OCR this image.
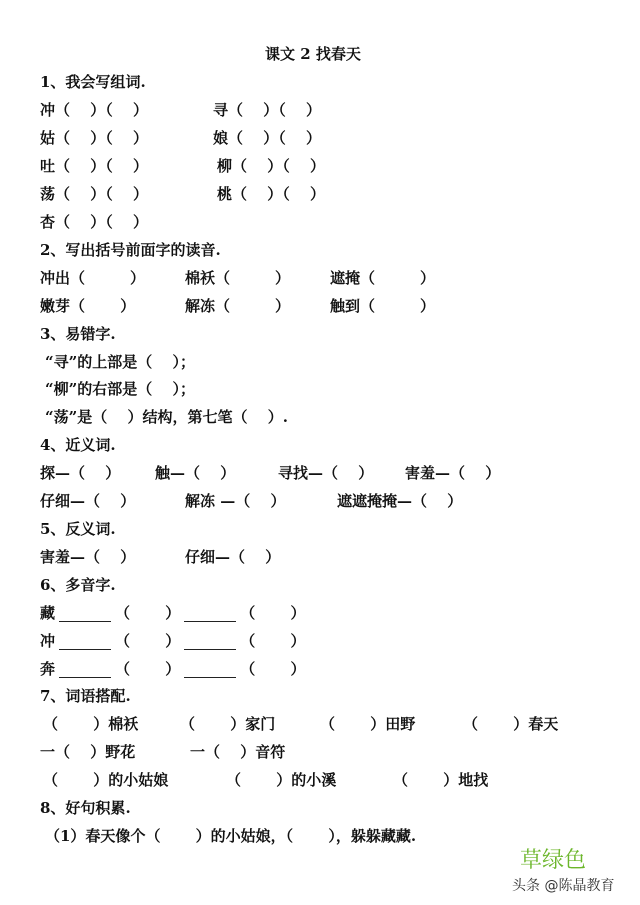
课文 2 找春天
1、我会写组词.
冲（　 ）（　 ）	寻（　 ）（　 ）
姑（　 ）（　 ）	娘（　 ）（　 ）
吐（　 ）（　 ）	柳（　 ）（　 ）
荡（　 ）（　 ）	桃（　 ）（　 ）
杏（　 ）（　 ）
2、写出括号前面字的读音.
冲出（　　　）	棉袄（　　　）	遮掩（　　　）
嫩芽（　　 ）	解冻（　　　）	触到（　　　）
3、易错字.
“寻”的上部是（　 ）；
“柳”的右部是（　 ）；
“荡”是（　 ）结构，第七笔（　 ）.
4、近义词.
探—（　 ） 触—（　 ）	寻找—（　 ） 害羞—（　 ）
仔细—（　 ）	解冻 —（　 ）	遮遮掩掩—（　 ）
5、反义词.
害羞—（　 ）	仔细—（　 ）
6、多音字.
藏	（　　 ）	（　　 ）
冲	（　　 ）	（　　 ）
奔	（　　 ）	（　　 ）
7、词语搭配.
（　　 ）棉袄	（　　 ）家门	（　　 ）田野	（　　 ）春天
一（　 ）野花	一（　 ）音符
（　　 ）的小姑娘	（　　 ）的小溪	（　　 ）地找
8、好句积累.
（1）春天像个（　　 ）的小姑娘，（　　 ），躲躲藏藏.
草绿色
头条 @陈晶教育
